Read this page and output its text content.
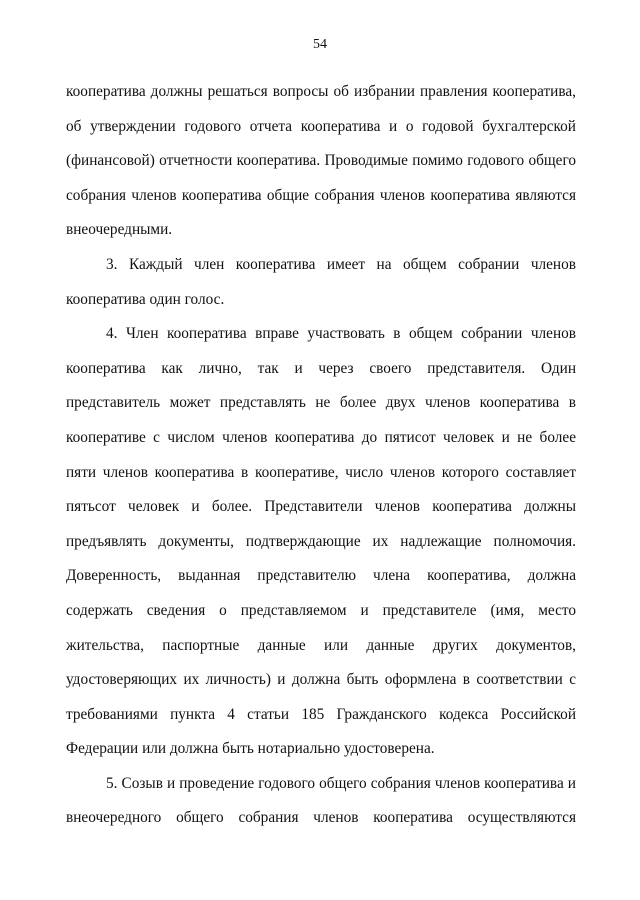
54
кооператива должны решаться вопросы об избрании правления кооператива,
об утверждении годового отчета кооператива и о годовой бухгалтерской
(финансовой) отчетности кооператива. Проводимые помимо годового общего
собрания членов кооператива общие собрания членов кооператива являются
внеочередными.
3. Каждый член кооператива имеет на общем собрании членов
кооператива один голос.
4. Член кооператива вправе участвовать в общем собрании членов
кооператива как лично, так и через своего представителя. Один
представитель может представлять не более двух членов кооператива в
кооперативе с числом членов кооператива до пятисот человек и не более
пяти членов кооператива в кооперативе, число членов которого составляет
пятьсот человек и более. Представители членов кооператива должны
предъявлять документы, подтверждающие их надлежащие полномочия.
Доверенность, выданная представителю члена кооператива, должна
содержать сведения о представляемом и представителе (имя, место
жительства, паспортные данные или данные других документов,
удостоверяющих их личность) и должна быть оформлена в соответствии с
требованиями пункта 4 статьи 185 Гражданского кодекса Российской
Федерации или должна быть нотариально удостоверена.
5. Созыв и проведение годового общего собрания членов кооператива и
внеочередного общего собрания членов кооператива осуществляются
